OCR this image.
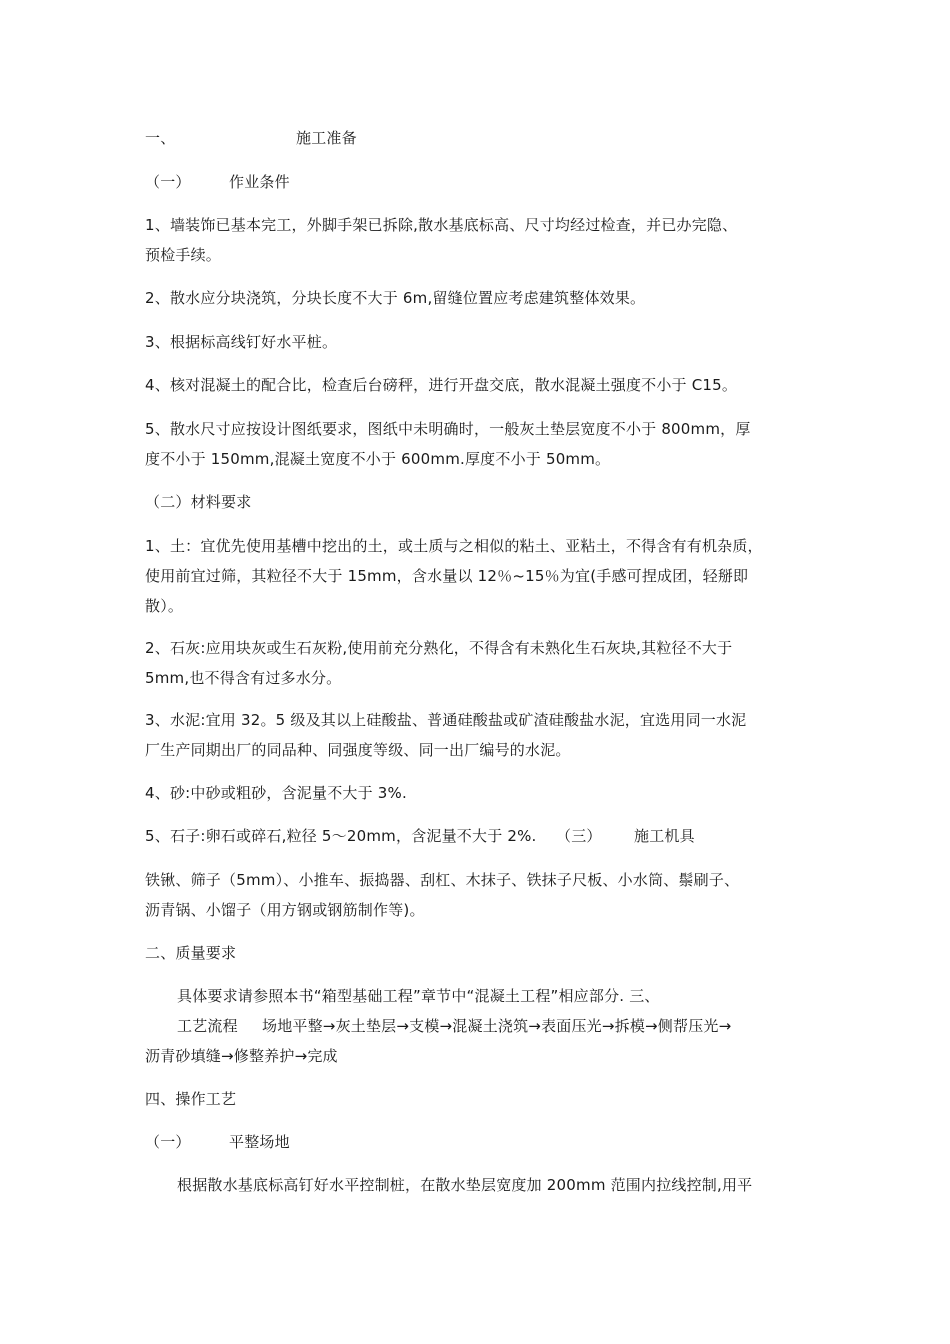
一、	施工准备
（一）	作业条件
1、墙装饰已基本完工，外脚手架已拆除,散水基底标高、尺寸均经过检查，并已办完隐、
预检手续。
2、散水应分块浇筑，分块长度不大于 6m,留缝位置应考虑建筑整体效果。
3、根据标高线钉好水平桩。
4、核对混凝土的配合比，检查后台磅秤，进行开盘交底，散水混凝土强度不小于 C15。
5、散水尺寸应按设计图纸要求，图纸中未明确时，一般灰土垫层宽度不小于 800mm，厚
度不小于 150mm,混凝土宽度不小于 600mm.厚度不小于 50mm。
（二）材料要求
1、土：宜优先使用基槽中挖出的土，或土质与之相似的粘土、亚粘土，不得含有有机杂质，
使用前宜过筛，其粒径不大于 15mm，含水量以 12％~15％为宜(手感可捏成团，轻掰即
散）。
2、石灰:应用块灰或生石灰粉,使用前充分熟化，不得含有未熟化生石灰块,其粒径不大于
5mm,也不得含有过多水分。
3、水泥:宜用 32。5 级及其以上硅酸盐、普通硅酸盐或矿渣硅酸盐水泥，宜选用同一水泥
厂生产同期出厂的同品种、同强度等级、同一出厂编号的水泥。
4、砂:中砂或粗砂，含泥量不大于 3%.
5、石子:卵石或碎石,粒径 5～20mm，含泥量不大于 2%. （三） 施工机具
铁锹、筛子（5mm）、小推车、振捣器、刮杠、木抹子、铁抹子尺板、小水筒、鬃刷子、
沥青锅、小馏子（用方钢或钢筋制作等)。
二、质量要求
具体要求请参照本书“箱型基础工程”章节中“混凝土工程”相应部分. 三、
工艺流程 场地平整→灰土垫层→支模→混凝土浇筑→表面压光→拆模→侧帮压光→
沥青砂填缝→修整养护→完成
四、操作工艺
（一）	平整场地
根据散水基底标高钉好水平控制桩，在散水垫层宽度加 200mm 范围内拉线控制,用平
